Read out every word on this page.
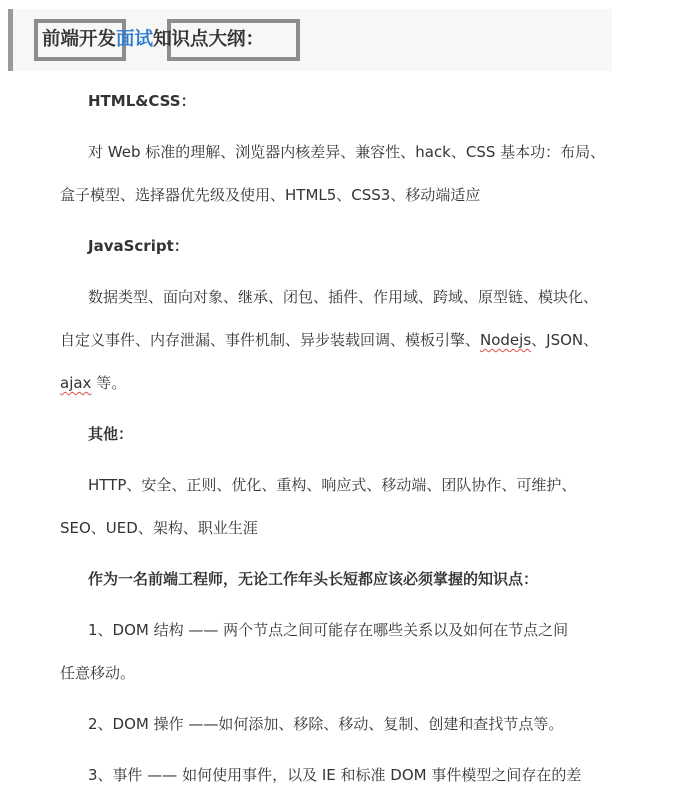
前端开发面试知识点大纲：

HTML&CSS：

对 Web 标准的理解、浏览器内核差异、兼容性、hack、CSS 基本功：布局、

盒子模型、选择器优先级及使用、HTML5、CSS3、移动端适应

JavaScript：

数据类型、面向对象、继承、闭包、插件、作用域、跨域、原型链、模块化、

自定义事件、内存泄漏、事件机制、异步装载回调、模板引擎、Nodejs、JSON、

ajax 等。

其他：

HTTP、安全、正则、优化、重构、响应式、移动端、团队协作、可维护、

SEO、UED、架构、职业生涯

作为一名前端工程师，无论工作年头长短都应该必须掌握的知识点：

1、DOM 结构 —— 两个节点之间可能存在哪些关系以及如何在节点之间

任意移动。

2、DOM 操作 ——如何添加、移除、移动、复制、创建和查找节点等。

3、事件 —— 如何使用事件，以及 IE 和标准 DOM 事件模型之间存在的差
